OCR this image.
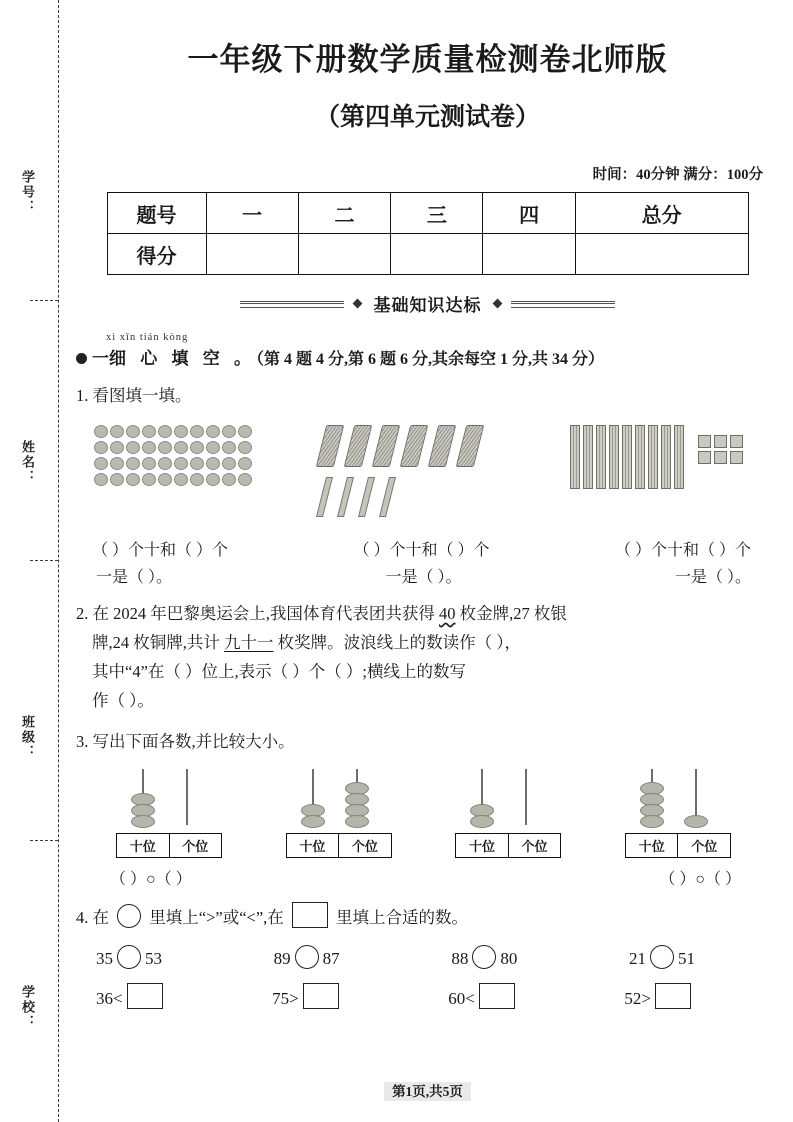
学号：
姓名：
班级：
学校：
一年级下册数学质量检测卷北师版
（第四单元测试卷）
时间：40分钟 满分：100分
题号	一	二	三	四	总分
得分					
基础知识达标
xì xīn tián kòng
一细 心 填 空 。（第 4 题 4 分,第 6 题 6 分,其余每空 1 分,共 34 分）
1. 看图填一填。
（ ）个十和（ ）个	（ ）个十和（ ）个	（ ）个十和（ ）个
一是（ ）。	一是（ ）。	一是（ ）。
2. 在 2024 年巴黎奥运会上,我国体育代表团共获得 40 枚金牌,27 枚银
牌,24 枚铜牌,共计 九十一 枚奖牌。波浪线上的数读作（ ），
其中“4”在（ ）位上,表示（ ）个（ ）;横线上的数写
作（ ）。
3. 写出下面各数,并比较大小。
十位	个位	十位	个位	十位	个位	十位	个位
（ ）○（ ）	（ ）○（ ）
4. 在 里填上“>”或“<”,在	里填上合适的数。
35 53	89 87	88 80	21 51
36<	75>	60<	52>
第1页,共5页
